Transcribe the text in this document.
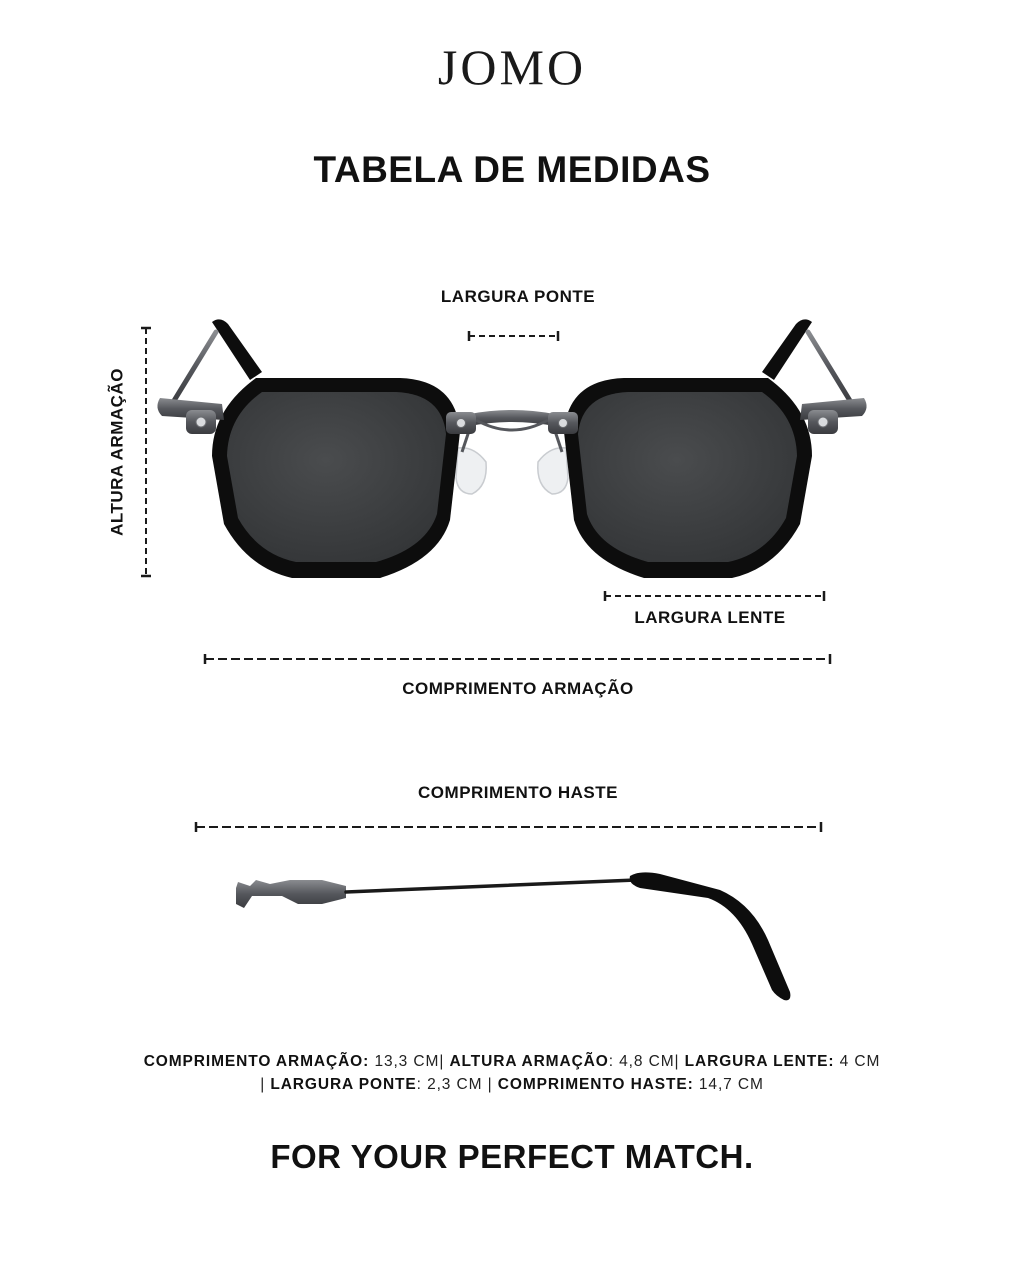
JOMO
TABELA DE MEDIDAS
LARGURA PONTE
ALTURA ARMAÇÃO
LARGURA LENTE
COMPRIMENTO ARMAÇÃO
COMPRIMENTO HASTE
COMPRIMENTO ARMAÇÃO: 13,3 CM| ALTURA ARMAÇÃO: 4,8 CM| LARGURA LENTE: 4 CM
| LARGURA PONTE: 2,3 CM | COMPRIMENTO HASTE: 14,7 CM
FOR YOUR PERFECT MATCH.
